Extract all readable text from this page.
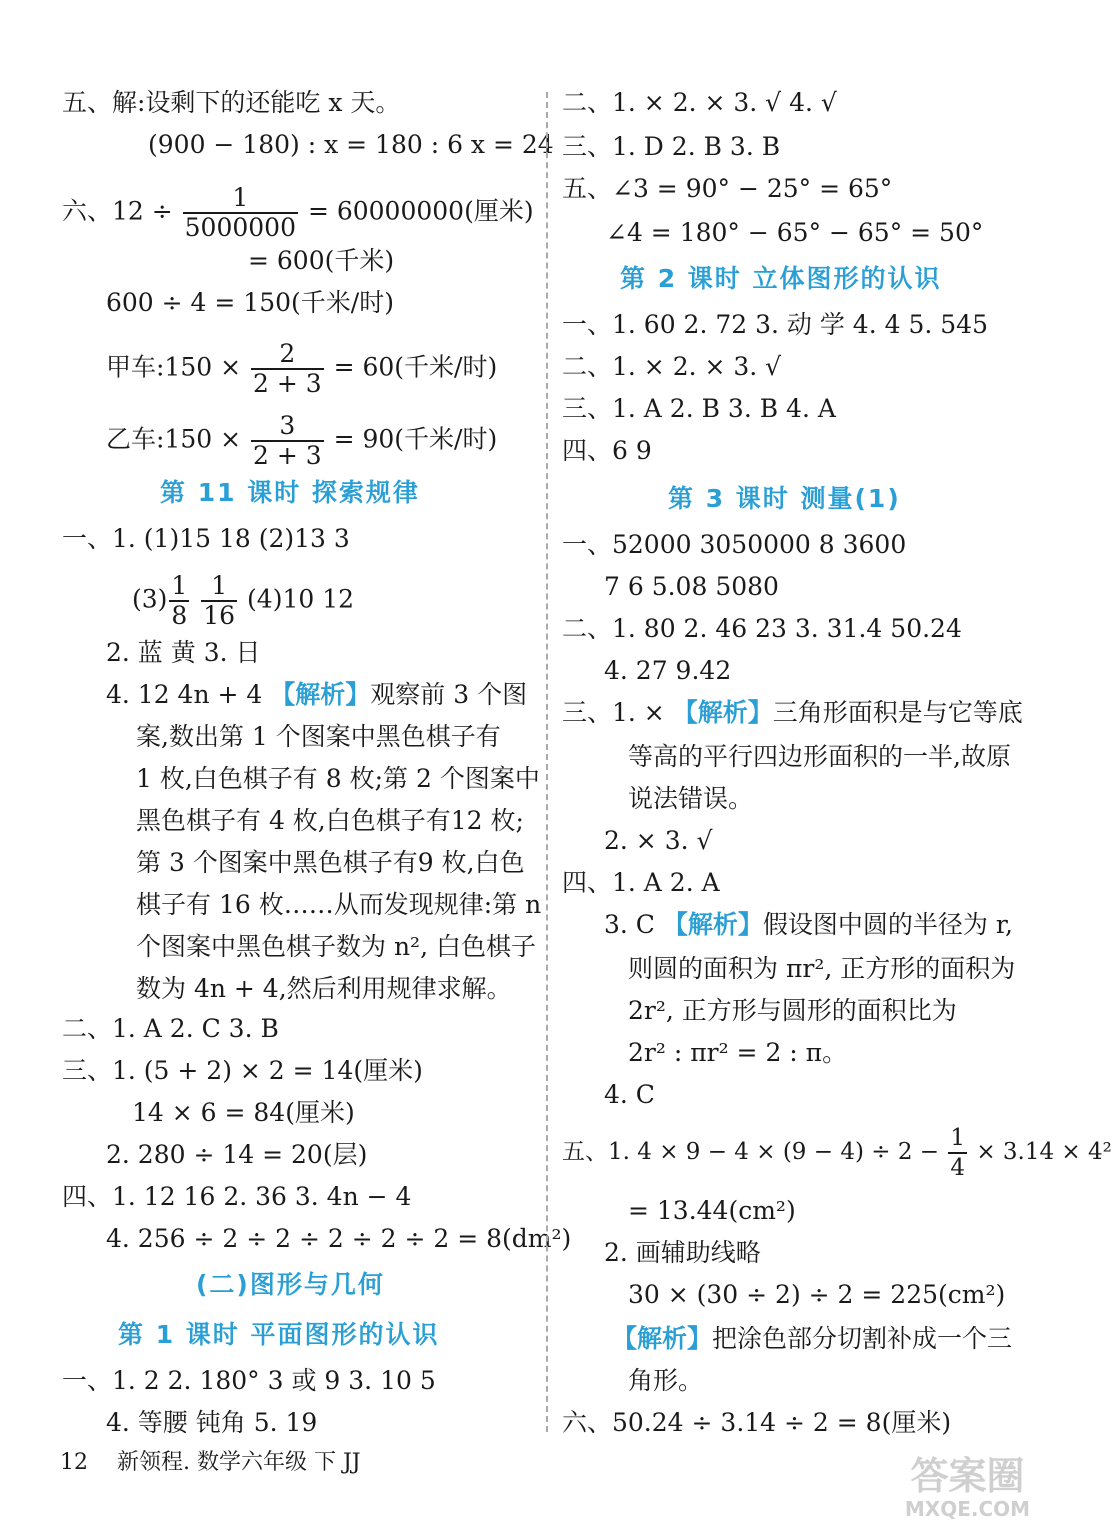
五、解:设剩下的还能吃 x 天。
(900 − 180) : x = 180 : 6 x = 24
六、$12 \div \frac{1}{5000000} = 60000000$(厘米)
= 600(千米)
600 ÷ 4 = 150(千米/时)
甲车:150 × $\frac{2}{2 + 3} = 60$(千米/时)
乙车:150 × $\frac{3}{2 + 3} = 90$(千米/时)
第 11 课时 探索规律
一、1. (1)15 18 (2)13 3
$(3) \frac{1}{8}$
$\frac{1}{16} (4)10$ 12
2. 蓝 黄 3. 日
4. 12 4n + 4 【解析】观察前 3 个图
案,数出第 1 个图案中黑色棋子有
1 枚,白色棋子有 8 枚;第 2 个图案中
黑色棋子有 4 枚,白色棋子有12 枚;
第 3 个图案中黑色棋子有9 枚,白色
棋子有 16 枚……从而发现规律:第 n
个图案中黑色棋子数为 n², 白色棋子
数为 4n + 4,然后利用规律求解。
二、1. A 2. C 3. B
三、1. (5 + 2) × 2 = 14(厘米)
14 × 6 = 84(厘米)
2. 280 ÷ 14 = 20(层)
四、1. 12 16 2. 36 3. 4n − 4
4. 256 ÷ 2 ÷ 2 ÷ 2 ÷ 2 ÷ 2 = 8(dm²)
(二)图形与几何
第 1 课时 平面图形的认识
一、1. 2 2. 180° 3 或 9 3. 10 5
4. 等腰 钝角 5. 19
二、1. × 2. × 3. √ 4. √
三、1. D 2. B 3. B
五、∠3 = 90° − 25° = 65°
∠4 = 180° − 65° − 65° = 50°
第 2 课时 立体图形的认识
一、1. 60 2. 72 3. 动 学 4. 4 5. 545
二、1. × 2. × 3. √
三、1. A 2. B 3. B 4. A
四、6 9
第 3 课时 测量(1)
一、52000 3050000 8 3600
7 6 5.08 5080
二、1. 80 2. 46 23 3. 31.4 50.24
4. 27 9.42
三、1. × 【解析】三角形面积是与它等底
等高的平行四边形面积的一半,故原
说法错误。
2. × 3. √
四、1. A 2. A
3. C 【解析】假设图中圆的半径为 r,
则圆的面积为 πr², 正方形的面积为
2r², 正方形与圆形的面积比为
2r² : πr² = 2 : π。
4. C
五、1. $4 \times 9 - 4 \times (9 - 4) \div 2 - \frac{1}{4} \times 3.14 \times 4^2$
= 13.44(cm²)
2. 画辅助线略
30 × (30 ÷ 2) ÷ 2 = 225(cm²)
【解析】把涂色部分切割补成一个三
角形。
六、50.24 ÷ 3.14 ÷ 2 = 8(厘米)
12 新领程. 数学六年级 下 JJ	答案圈
MXQE.COM
